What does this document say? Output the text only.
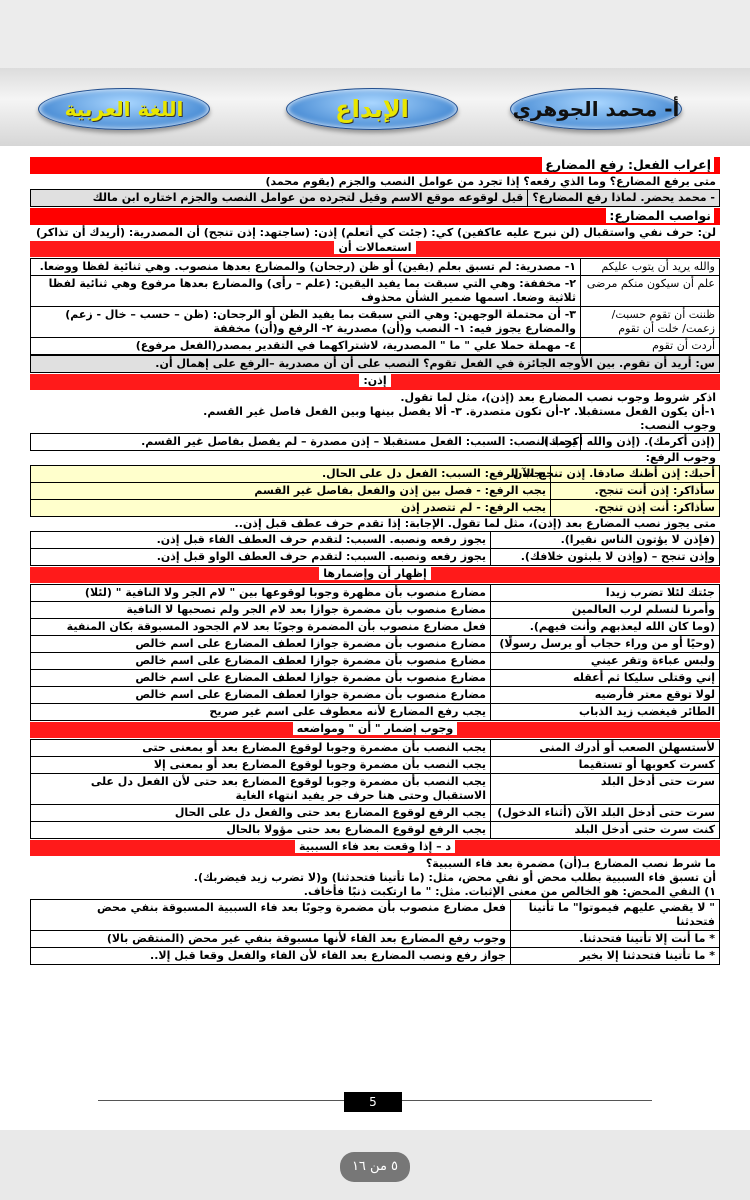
اللغة العربية	الإبداع	أ- محمد الجوهري
إعراب الفعل: رفع المضارع
متى يرفع المضارع؟ وما الذي رفعه؟ إذا تجرد من عوامل النصب والجزم (يقوم محمد)
- محمد يحضر. لماذا رفع المضارع؟
قيل لوقوعه موقع الاسم وقيل لتجرده من عوامل النصب والجزم اختاره ابن مالك
نواصب المضارع:
لن: حرف نفي واستقبال (لن نبرح عليه عاكفين) كي: (جئت كي أتعلم) إذن: (ساجتهد: إذن تنجح) أن المصدرية: (أريدك أن تذاكر)
استعمالات أن
والله يريد أن يتوب عليكم
١- مصدرية: لم تسبق بعلم (بقين) أو ظن (رجحان) والمضارع بعدها منصوب. وهي ثنائية لفظا ووضعا.
علم أن سيكون منكم مرضى
٢- مخففة: وهي التي سبقت بما يفيد اليقين: (علم – رأى) والمضارع بعدها مرفوع وهي ثنائية لفظا ثلاثية وضعا. اسمها ضمير الشأن محذوف
ظننت أن تقوم حسبت/ زعمت/ خلت أن تقوم
٣- أن محتملة الوجهين: وهي التي سبقت بما يفيد الظن أو الرجحان: (ظن – حسب – خال - زعم) والمضارع يجوز فيه: ١- النصب و(أن) مصدرية ٢- الرفع و(أن) مخففة
أردت أن تقوم
٤- مهملة حملا علي " ما " المصدرية، لاشتراكهما في التقدير بمصدر(الفعل مرفوع)
س: أريد أن تقوم. بين الأوجه الجائزة في الفعل تقوم؟ النصب على أن أن مصدرية –الرفع على إهمال أن.
إذن:
اذكر شروط وجوب نصب المضارع بعد (إذن)، مثل لما تقول.
١-أن يكون الفعل مستقبلا. ٢-أن تكون متصدرة. ٣- ألا يفصل بينها وبين الفعل فاصل غير القسم.
وجوب النصب:
(إذن أكرمك). (إذن والله أكرمك).
يجب النصب: السبب: الفعل مستقبلا – إذن مصدرة – لم يفصل بفاصل غير القسم.
وجوب الرفع:
أحبك: إذن أظنك صادقا. إذن تنجح الآن
يجب الرفع: السبب: الفعل دل على الحال.
سأذاكر: إذن أنت تنجح.
يجب الرفع: - فصل بين إذن والفعل بفاصل غير القسم
سأذاكر: أنت إذن تنجح.
يجب الرفع: - لم تتصدر إذن
متى يجوز نصب المضارع بعد (إذن)، مثل لما تقول. الإجابة: إذا تقدم حرف عطف قبل إذن..
(فإذن لا يؤتون الناس نقيرا).
يجوز رفعه ونصبه. السبب: لتقدم حرف العطف الفاء قبل إذن.
وإذن تنجح – (وإذن لا يلبثون خلافك).
يجوز رفعه ونصبه. السبب: لتقدم حرف العطف الواو قبل إذن.
إظهار أن وإضمارها
جئتك لئلا تضرب زيدا
مضارع منصوب بأن مظهرة وجوبا لوقوعها بين " لام الجر ولا النافية " (لئلا)
وأمرنا لنسلم لرب العالمين
مضارع منصوب بأن مضمرة جوازا بعد لام الجر ولم تصحبها لا النافية
(وما كان الله ليعذبهم وأنت فيهم).
فعل مضارع منصوب بأن المضمرة وجوبًا بعد لام الجحود المسبوقة بكان المنفية
(وحيًا أو من وراء حجاب أو يرسل رسولًا)
مضارع منصوب بأن مضمرة جوازا لعطف المضارع على اسم خالص
ولبس عباءة وتقر عيني
مضارع منصوب بأن مضمرة جوازا لعطف المضارع على اسم خالص
إني وقتلى سليكا ثم أعقله
مضارع منصوب بأن مضمرة جوازا لعطف المضارع على اسم خالص
لولا توقع معتر فأرضيه
مضارع منصوب بأن مضمرة جوازا لعطف المضارع على اسم خالص
الطائر فيغضب زيد الذباب
يجب رفع المضارع لأنه معطوف على اسم غير صريح
وجوب إضمار " أن " ومواضعه
لأستسهلن الصعب أو أدرك المنى
يجب النصب بأن مضمرة وجوبا لوقوع المضارع بعد أو بمعنى حتى
كسرت كعوبها أو تستقيما
يجب النصب بأن مضمرة وجوبا لوقوع المضارع بعد أو بمعنى إلا
سرت حتى أدخل البلد
يجب النصب بأن مضمرة وجوبا لوقوع المضارع بعد حتى لأن الفعل دل على الاستقبال وحتى هنا حرف جر يفيد انتهاء الغاية
سرت حتى أدخل البلد الآن (أثناء الدخول)
يجب الرفع لوقوع المضارع بعد حتى والفعل دل على الحال
كنت سرت حتى أدخل البلد
يجب الرفع لوقوع المضارع بعد حتى مؤولا بالحال
د – إذا وقعت بعد فاء السببية
ما شرط نصب المضارع بـ(أن) مضمرة بعد فاء السببية؟
أن تسبق فاء السببية بطلب محض أو نفي محض، مثل: (ما تأتينا فتحدثنا) و(لا تضرب زيد فيضربك).
١) النفي المحض: هو الخالص من معنى الإثبات. مثل: " ما ارتكبت ذنبًا فأخاف.
" لا يقضي عليهم فيموتوا" ما تأتينا فتحدثنا
فعل مضارع منصوب بأن مضمرة وجوبًا بعد فاء السببية المسبوقة بنفي محض
* ما أنت إلا تأتينا فتحدثنا.
وجوب رفع المضارع بعد الفاء لأنها مسبوقة بنفي غير محض (المنتقض بالا)
* ما تأتينا فتحدثنا إلا بخير
جواز رفع ونصب المضارع بعد الفاء لأن الفاء والفعل وقعا قبل إلا..
5
٥ من ١٦
